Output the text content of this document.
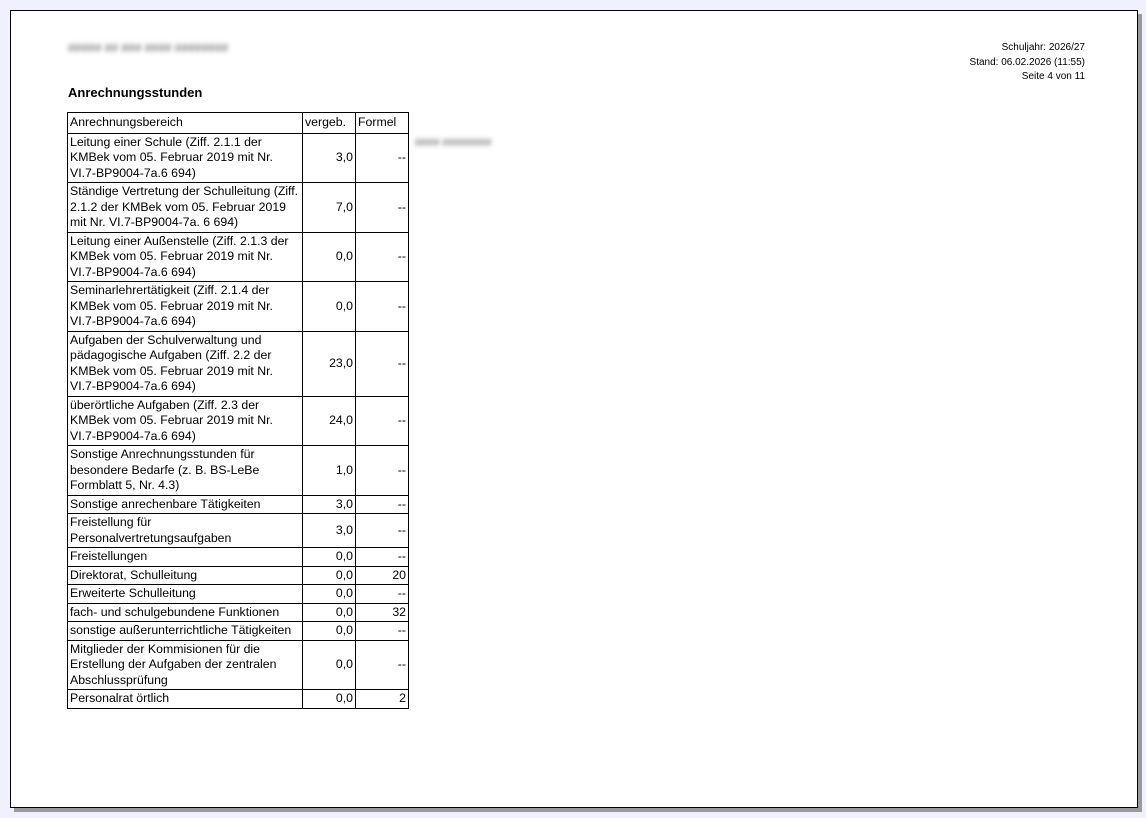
##### ## ### #### ########	Schuljahr: 2026/27
Stand: 06.02.2026 (11:55)
Seite 4 von 11
Anrechnungsstunden
#### ########
Anrechnungsbereich	vergeb.	Formel
Leitung einer Schule (Ziff. 2.1.1 der KMBek vom 05. Februar 2019 mit Nr. VI.7-BP9004-7a.6 694)	3,0	--
Ständige Vertretung der Schulleitung (Ziff. 2.1.2 der KMBek vom 05. Februar 2019 mit Nr. VI.7-BP9004-7a. 6 694)	7,0	--
Leitung einer Außenstelle (Ziff. 2.1.3 der KMBek vom 05. Februar 2019 mit Nr. VI.7-BP9004-7a.6 694)	0,0	--
Seminarlehrertätigkeit (Ziff. 2.1.4 der KMBek vom 05. Februar 2019 mit Nr. VI.7-BP9004-7a.6 694)	0,0	--
Aufgaben der Schulverwaltung und pädagogische Aufgaben (Ziff. 2.2 der KMBek vom 05. Februar 2019 mit Nr. VI.7-BP9004-7a.6 694)	23,0	--
überörtliche Aufgaben (Ziff. 2.3 der KMBek vom 05. Februar 2019 mit Nr. VI.7-BP9004-7a.6 694)	24,0	--
Sonstige Anrechnungsstunden für besondere Bedarfe (z. B. BS-LeBe Formblatt 5, Nr. 4.3)	1,0	--
Sonstige anrechenbare Tätigkeiten	3,0	--
Freistellung für Personalvertretungsaufgaben	3,0	--
Freistellungen	0,0	--
Direktorat, Schulleitung	0,0	20
Erweiterte Schulleitung	0,0	--
fach- und schulgebundene Funktionen	0,0	32
sonstige außerunterrichtliche Tätigkeiten	0,0	--
Mitglieder der Kommisionen für die Erstellung der Aufgaben der zentralen Abschlussprüfung	0,0	--
Personalrat örtlich	0,0	2
